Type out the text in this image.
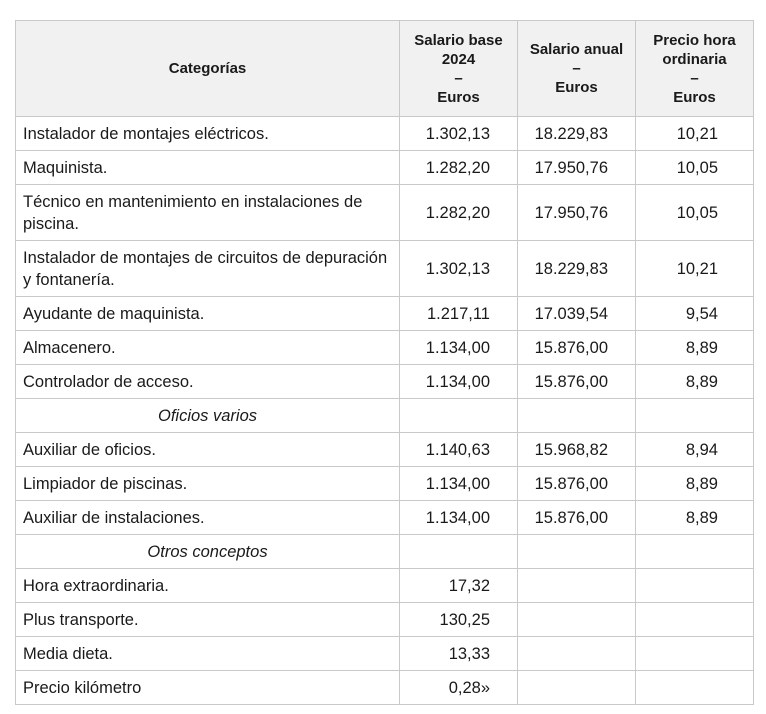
Categorías	Salario base
2024
–
Euros	Salario anual
–
Euros	Precio hora
ordinaria
–
Euros

Instalador de montajes eléctricos.	1.302,13	18.229,83	10,21
Maquinista.	1.282,20	17.950,76	10,05
Técnico en mantenimiento en instalaciones de piscina.	1.282,20	17.950,76	10,05
Instalador de montajes de circuitos de depuración y fontanería.	1.302,13	18.229,83	10,21
Ayudante de maquinista.	1.217,11	17.039,54	9,54
Almacenero.	1.134,00	15.876,00	8,89
Controlador de acceso.	1.134,00	15.876,00	8,89
Oficios varios			
Auxiliar de oficios.	1.140,63	15.968,82	8,94
Limpiador de piscinas.	1.134,00	15.876,00	8,89
Auxiliar de instalaciones.	1.134,00	15.876,00	8,89
Otros conceptos			
Hora extraordinaria.	17,32		
Plus transporte.	130,25		
Media dieta.	13,33		
Precio kilómetro	0,28»		
